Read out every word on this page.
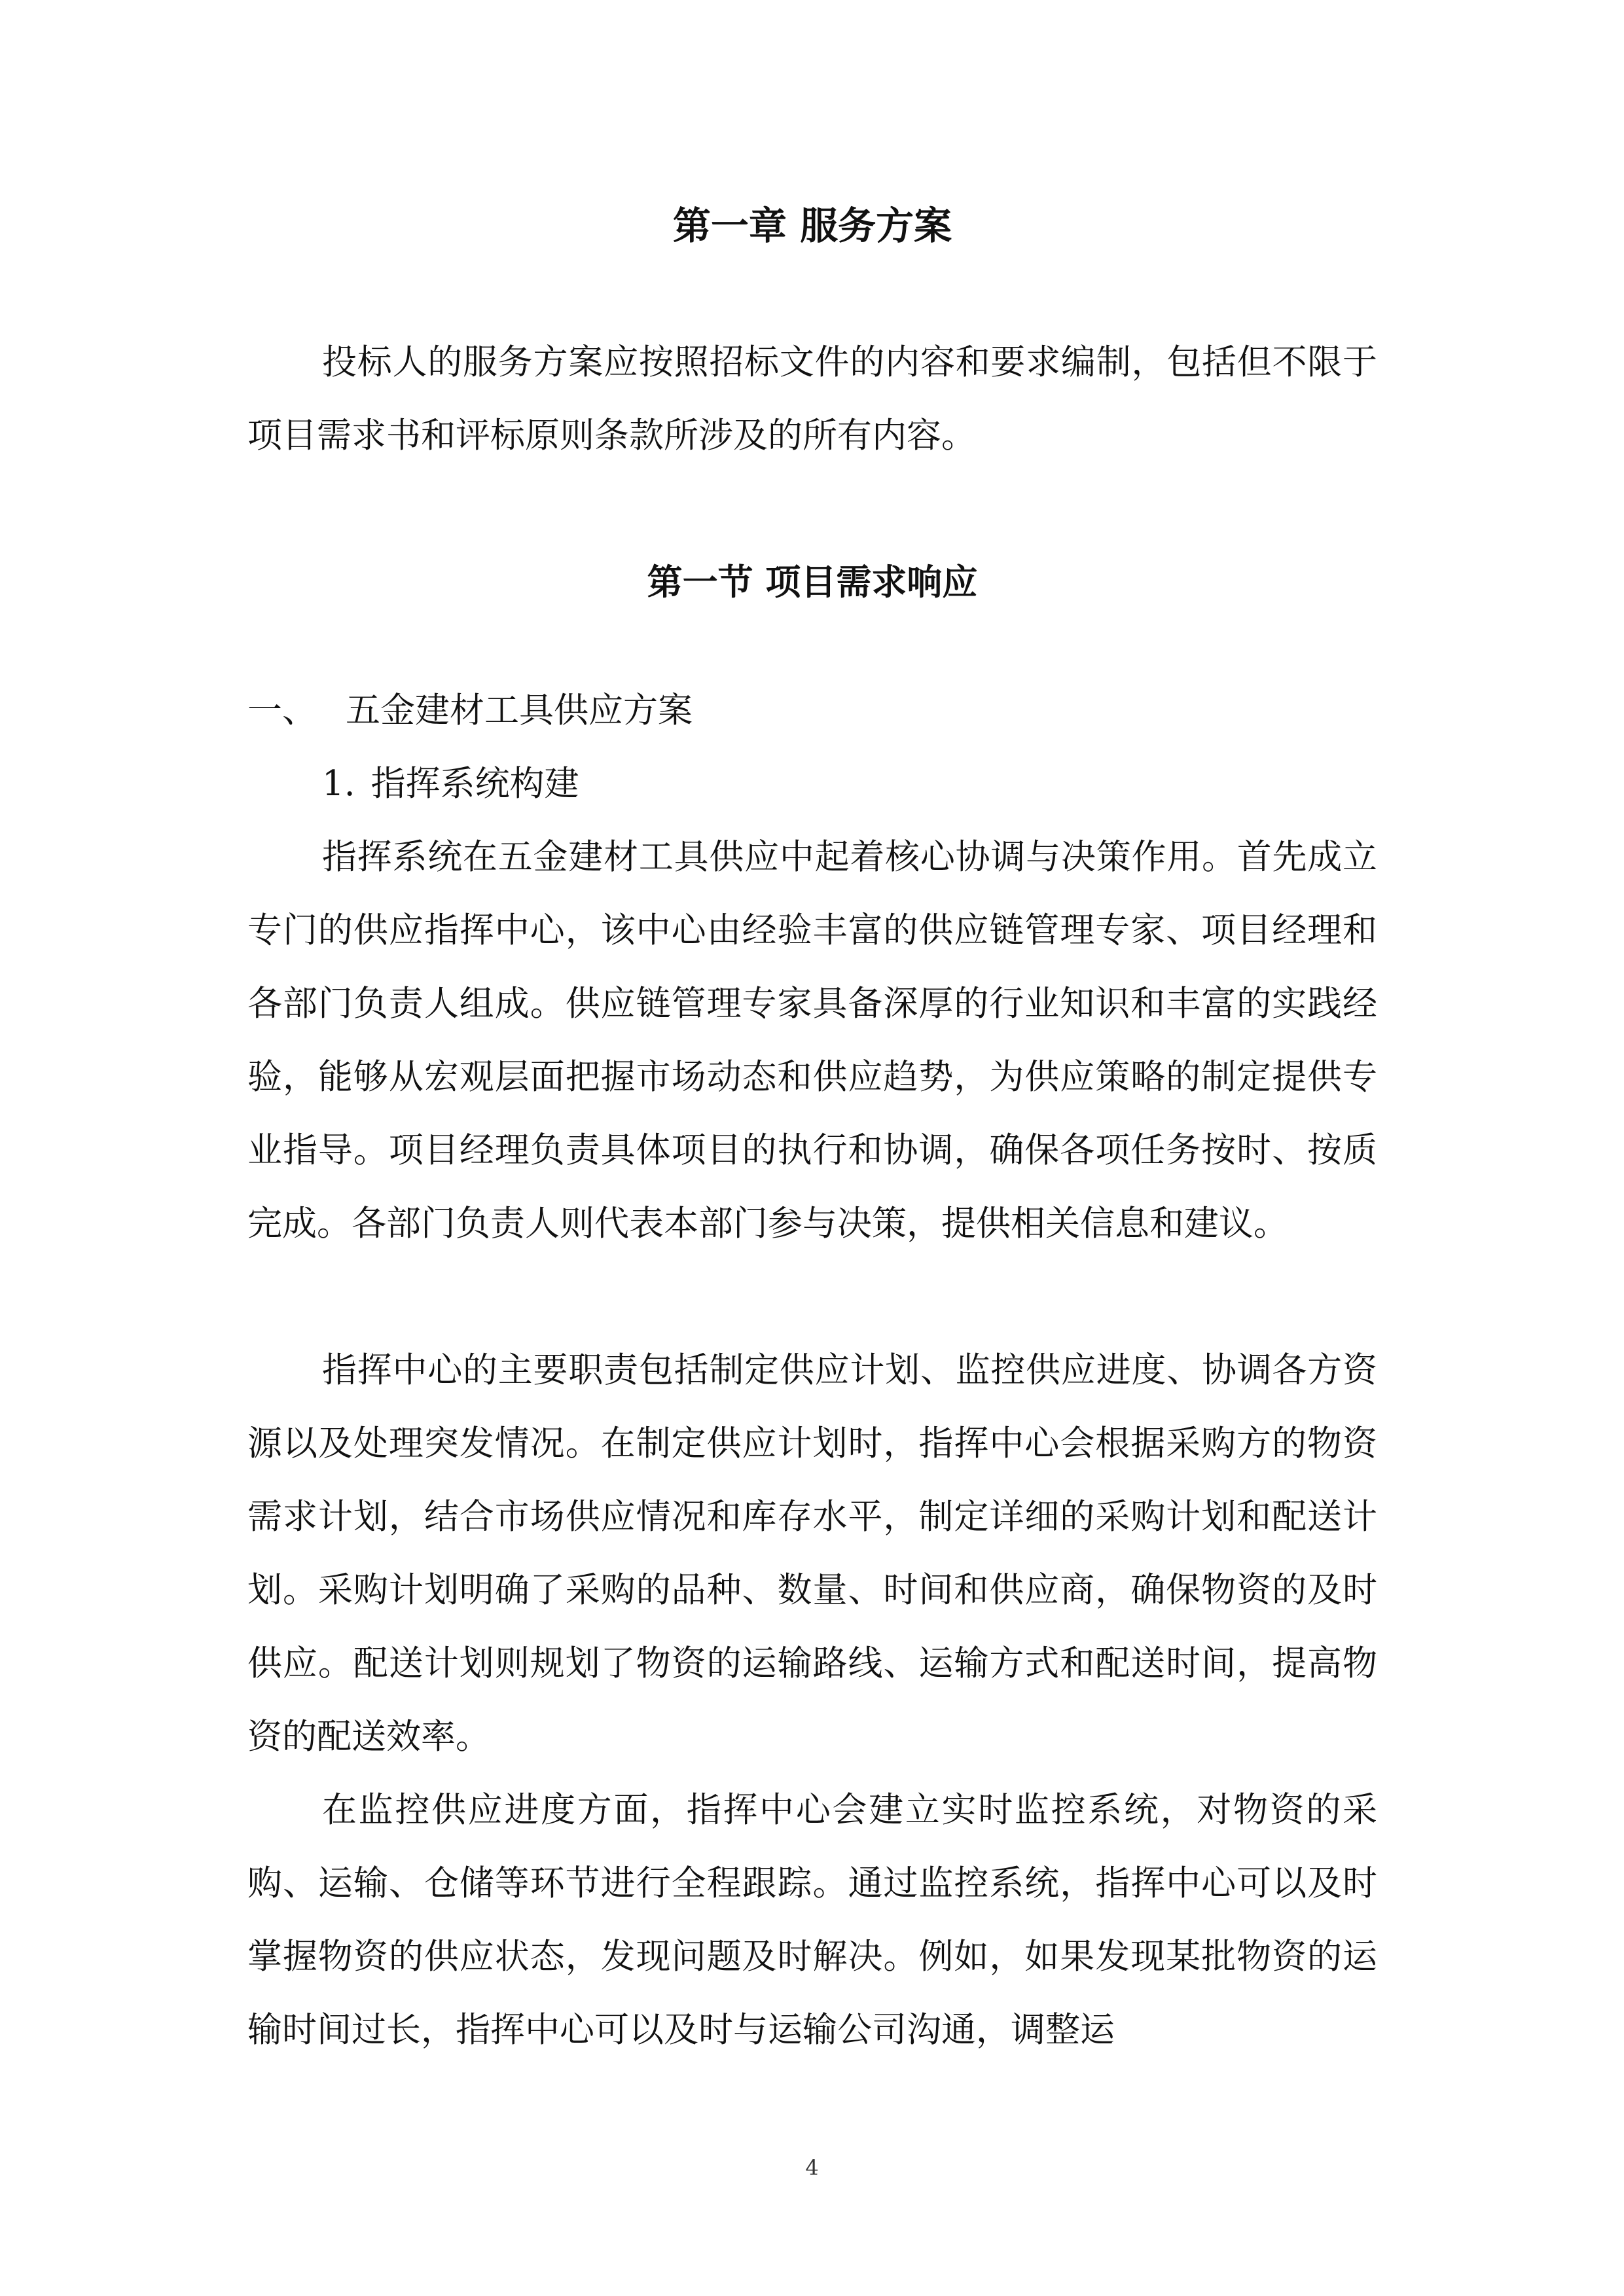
第一章 服务方案

投标人的服务方案应按照招标文件的内容和要求编制，包括但不限于项目需求书和评标原则条款所涉及的所有内容。

第一节 项目需求响应
一、 五金建材工具供应方案
1. 指挥系统构建

指挥系统在五金建材工具供应中起着核心协调与决策作用。首先成立专门的供应指挥中心，该中心由经验丰富的供应链管理专家、项目经理和各部门负责人组成。供应链管理专家具备深厚的行业知识和丰富的实践经验，能够从宏观层面把握市场动态和供应趋势，为供应策略的制定提供专业指导。项目经理负责具体项目的执行和协调，确保各项任务按时、按质完成。各部门负责人则代表本部门参与决策，提供相关信息和建议。

指挥中心的主要职责包括制定供应计划、监控供应进度、协调各方资源以及处理突发情况。在制定供应计划时，指挥中心会根据采购方的物资需求计划，结合市场供应情况和库存水平，制定详细的采购计划和配送计划。采购计划明确了采购的品种、数量、时间和供应商，确保物资的及时供应。配送计划则规划了物资的运输路线、运输方式和配送时间，提高物资的配送效率。

在监控供应进度方面，指挥中心会建立实时监控系统，对物资的采购、运输、仓储等环节进行全程跟踪。通过监控系统，指挥中心可以及时掌握物资的供应状态，发现问题及时解决。例如，如果发现某批物资的运输时间过长，指挥中心可以及时与运输公司沟通，调整运

4
